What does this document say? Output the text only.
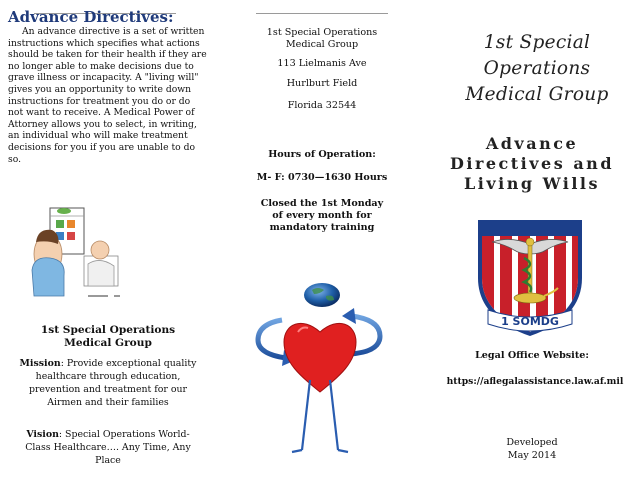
Advance Directives:
An advance directive is a set of written instructions which specifies what actions should be taken for their health if they are no longer able to make decisions due to grave illness or incapacity. A "living will" gives you an opportunity to write down instructions for treatment you do or do not want to receive. A Medical Power of Attorney allows you to select, in writing, an individual who will make treatment decisions for you if you are unable to do so.
1st Special Operations
Medical Group
Mission: Provide exceptional quality healthcare through education, prevention and treatment for our Airmen and their families
Vision: Special Operations World-Class Healthcare…. Any Time, Any Place
1st Special Operations
Medical Group
113 Lielmanis Ave
Hurlburt Field
Florida 32544
Hours of Operation:
M- F: 0730—1630 Hours
Closed the 1st Monday
of every month for
mandatory training
1st Special Operations
Medical Group
Advance
Directives and
Living Wills
1 SOMDG
Legal Office Website:
https://aflegalassistance.law.af.mil
Developed
May 2014
